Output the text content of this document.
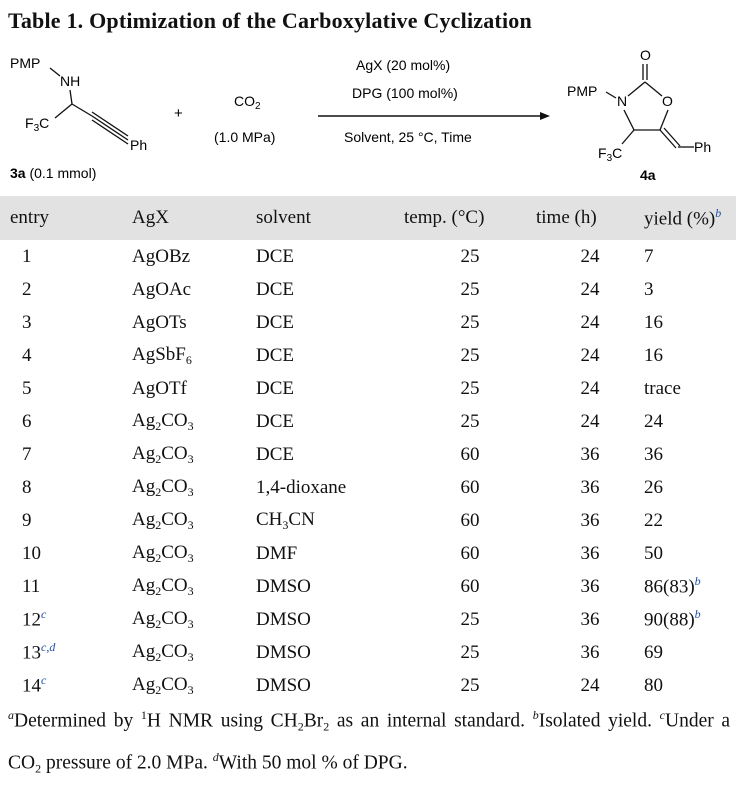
Table 1. Optimization of the Carboxylative Cyclization
PMP
NH
$F_3C$
Ph
3a (0.1 mmol)
+
$CO_2$
(1.0 MPa)
AgX (20 mol%)
DPG (100 mol%)
Solvent, 25 °C, Time
O
PMP
N O
$F_3C$	Ph
4a
entry	AgX	solvent	temp. (°C)	time (h)	yield (%)$^b$
1	AgOBz	DCE	25	24	7
2	AgOAc	DCE	25	24	3
3	AgOTs	DCE	25	24	16
4	AgSbF$_6$	DCE	25	24	16
5	AgOTf	DCE	25	24	trace
6	$Ag_2CO_3$	DCE	25	24	24
7	$Ag_2CO_3$	DCE	60	36	36
8	$Ag_2CO_3$	1,4-dioxane	60	36	26
9	$Ag_2CO_3$	$CH_3CN$	60	36	22
10	$Ag_2CO_3$	DMF	60	36	50
11	$Ag_2CO_3$	DMSO	60	36	86(83)$^b$
12$^c$	$Ag_2CO_3$	DMSO	25	36	90(88)$^b$
13$^{c,d}$	$Ag_2CO_3$	DMSO	25	36	69
14$^c$	$Ag_2CO_3$	DMSO	25	24	80
$^a$Determined by $^1$H NMR using $CH_2Br_2$ as an internal standard. $^b$Isolated yield. $^c$Under a $CO_2$ pressure of 2.0 MPa. $^d$With 50 mol % of DPG.
